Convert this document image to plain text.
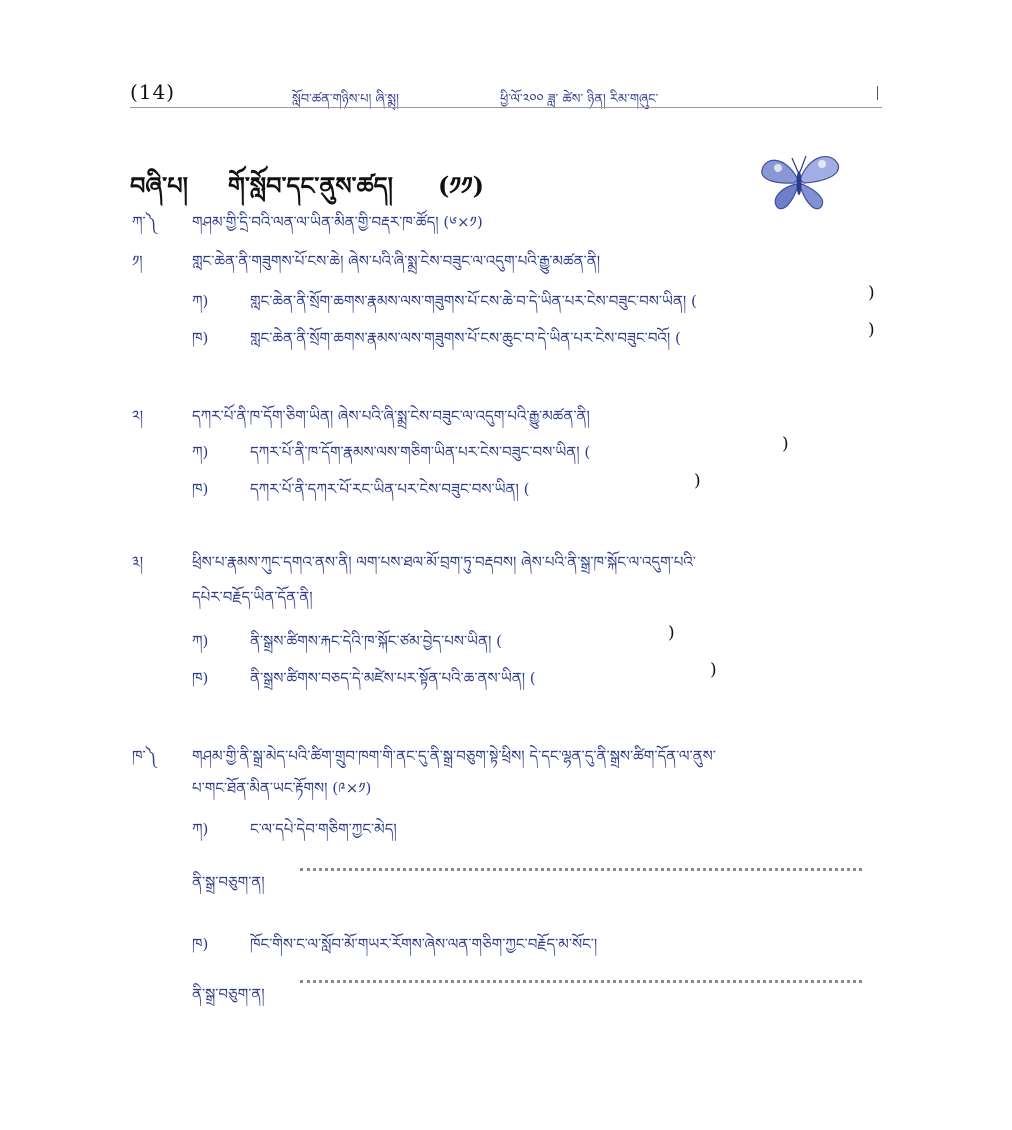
(14)	སློབ་ཚན་གཉིས་པ། ཞི་སྨྲ།	ཕྱི་ལོ་༢༠༠ ཟླ་ ཚེས་ ཉིན། རིམ་གཞུང་
བཞི་པ། གོ་སློབ་དང་ནུས་ཚད། (༡༡)
ཀ་༽ གཤམ་གྱི་དྲི་བའི་ལན་ལ་ཡིན་མིན་གྱི་བརྡར་ཁ་ཚོད། (༦×༡)
༡།	གླང་ཆེན་ནི་གཟུགས་པོ་ངས་ཆེ། ཞེས་པའི་ཞི་སྨྲ་ངེས་བཟུང་ལ་འདུག་པའི་རྒྱུ་མཚན་ནི།
ཀ)	གླང་ཆེན་ནི་སྲོག་ཆགས་རྣམས་ལས་གཟུགས་པོ་ངས་ཆེ་བ་དེ་ཡིན་པར་ངེས་བཟུང་བས་ཡིན། (	)
ཁ)	གླང་ཆེན་ནི་སྲོག་ཆགས་རྣམས་ལས་གཟུགས་པོ་ངས་ཆུང་བ་དེ་ཡིན་པར་ངེས་བཟུང་བའོ། (	)
༢།	དཀར་པོ་ནི་ཁ་དོག་ཅིག་ཡིན། ཞེས་པའི་ཞི་སྨྲ་ངེས་བཟུང་ལ་འདུག་པའི་རྒྱུ་མཚན་ནི།
ཀ)	དཀར་པོ་ནི་ཁ་དོག་རྣམས་ལས་གཅིག་ཡིན་པར་ངེས་བཟུང་བས་ཡིན། (	)
ཁ)	དཀར་པོ་ནི་དཀར་པོ་རང་ཡིན་པར་ངེས་བཟུང་བས་ཡིན། (	)
༣།	ཕྲིས་པ་རྣམས་ཀུང་དགའ་ནས་ནི། ལག་པས་ཐལ་མོ་བྲག་ཏུ་བརྡབས། ཞེས་པའི་ནི་སྒྲ་ཁ་སྐོང་ལ་འདུག་པའི་
དཔེར་བརྗོད་ཡིན་དོན་ནི།
ཀ)	ནི་སྒྲས་ཚིགས་རྐང་དེའི་ཁ་སྐོང་ཙམ་བྱེད་པས་ཡིན། (	)
ཁ)	ནི་སྒྲས་ཚིགས་བཅད་དེ་མཛེས་པར་སྟོན་པའི་ཆ་ནས་ཡིན། (	)
ཁ་༽ གཤམ་གྱི་ནི་སྒྲ་མེད་པའི་ཚིག་གྲུབ་ཁག་གི་ནང་དུ་ནི་སྒྲ་བཅུག་སྟེ་ཕྲིས། དེ་དང་ལྷན་དུ་ནི་སྒྲས་ཚིག་དོན་ལ་ནུས་
པ་གང་ཐོན་མིན་ཡང་རྟོགས། (༩×༡)
ཀ)	ང་ལ་དཔེ་དེབ་གཅིག་ཀྱང་མེད།
ནི་སྒྲ་བཅུག་ན།
ཁ)	ཁོང་གིས་ང་ལ་སློབ་མོ་གཡར་རོགས་ཞེས་ལན་གཅིག་ཀྱང་བརྗོད་མ་སོང་།
ནི་སྒྲ་བཅུག་ན།
